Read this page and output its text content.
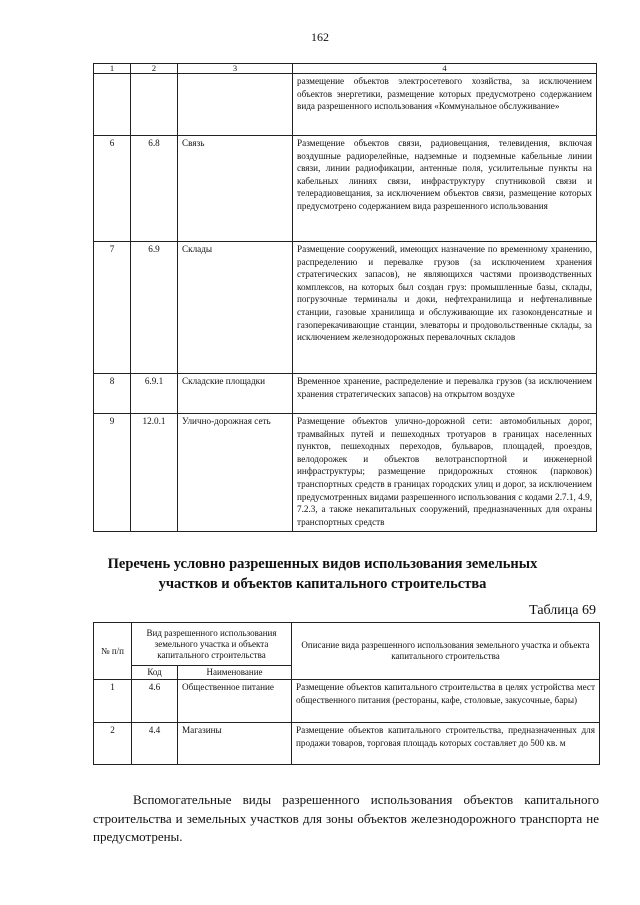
162
1	2	3	4
			размещение объектов электросетевого хозяйства, за исключением объектов энергетики, размещение которых предусмотрено содержанием вида разрешенного использования «Коммунальное обслуживание»
6	6.8	Связь	Размещение объектов связи, радиовещания, телевидения, включая воздушные радиорелейные, надземные и подземные кабельные линии связи, линии радиофикации, антенные поля, усилительные пункты на кабельных линиях связи, инфраструктуру спутниковой связи и телерадиовещания, за исключением объектов связи, размещение которых предусмотрено содержанием вида разрешенного использования
7	6.9	Склады	Размещение сооружений, имеющих назначение по временному хранению, распределению и перевалке грузов (за исключением хранения стратегических запасов), не являющихся частями производственных комплексов, на которых был создан груз: промышленные базы, склады, погрузочные терминалы и доки, нефтехранилища и нефтеналивные станции, газовые хранилища и обслуживающие их газоконденсатные и газоперекачивающие станции, элеваторы и продовольственные склады, за исключением железнодорожных перевалочных складов
8	6.9.1	Складские площадки	Временное хранение, распределение и перевалка грузов (за исключением хранения стратегических запасов) на открытом воздухе
9	12.0.1	Улично-дорожная сеть	Размещение объектов улично-дорожной сети: автомобильных дорог, трамвайных путей и пешеходных тротуаров в границах населенных пунктов, пешеходных переходов, бульваров, площадей, проездов, велодорожек и объектов велотранспортной и инженерной инфраструктуры; размещение придорожных стоянок (парковок) транспортных средств в границах городских улиц и дорог, за исключением предусмотренных видами разрешенного использования с кодами 2.7.1, 4.9, 7.2.3, а также некапитальных сооружений, предназначенных для охраны транспортных средств
Перечень условно разрешенных видов использования земельных участков и объектов капитального строительства
Таблица 69
№ п/п	Вид разрешенного использования земельного участка и объекта капитального строительства		Описание вида разрешенного использования земельного участка и объекта капитального строительства
	Код	Наименование	
1	4.6	Общественное питание	Размещение объектов капитального строительства в целях устройства мест общественного питания (рестораны, кафе, столовые, закусочные, бары)
2	4.4	Магазины	Размещение объектов капитального строительства, предназначенных для продажи товаров, торговая площадь которых составляет до 500 кв. м
Вспомогательные виды разрешенного использования объектов капитального строительства и земельных участков для зоны объектов железнодорожного транспорта не предусмотрены.
